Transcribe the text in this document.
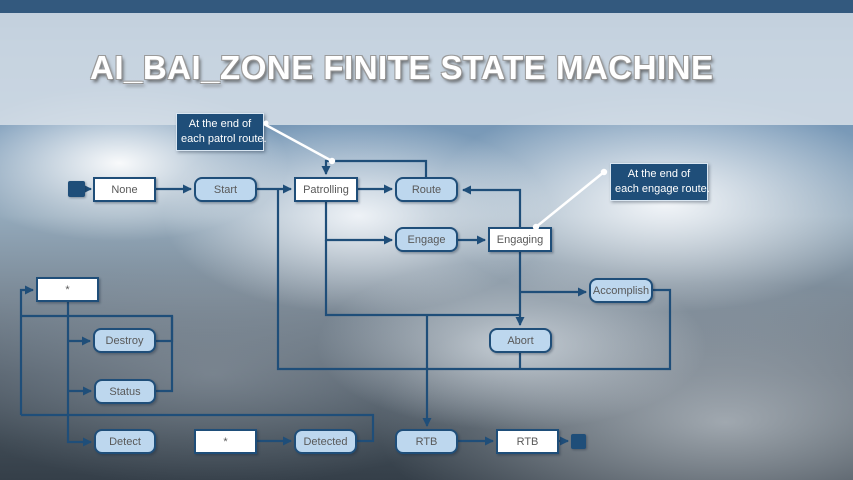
AI_BAI_ZONE FINITE STATE MACHINE
None	Start	Patrolling	Route
Engage	Engaging
Accomplish
Abort
*
Destroy
Status
Detect	*	Detected	RTB	RTB
At the end of
each patrol route.
At the end of
each engage route.
